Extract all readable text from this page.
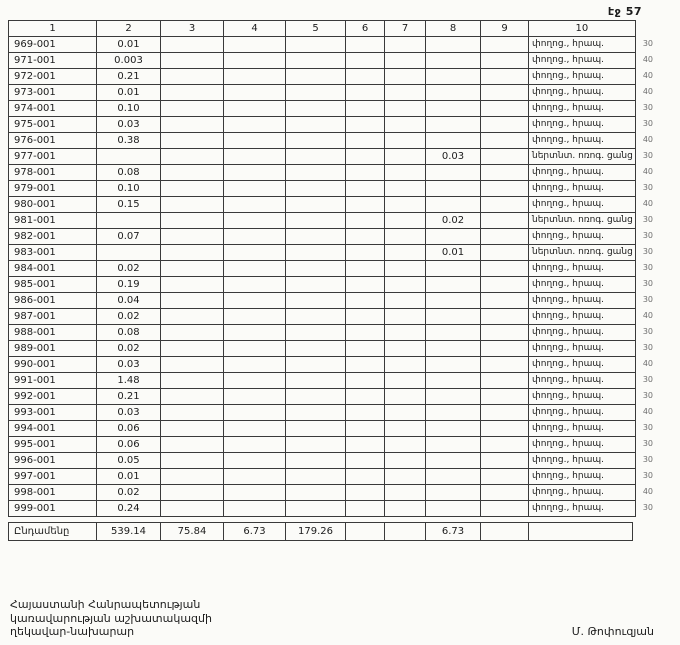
էջ 57
1	2	3	4	5	6	7	8	9	10	
969-001	0.01								փողոց., հրապ.	30
971-001	0.003								փողոց., հրապ.	40
972-001	0.21								փողոց., հրապ.	40
973-001	0.01								փողոց., հրապ.	40
974-001	0.10								փողոց., հրապ.	30
975-001	0.03								փողոց., հրապ.	30
976-001	0.38								փողոց., հրապ.	40
977-001							0.03		ներտնտ. ոռոգ. ցանց	30
978-001	0.08								փողոց., հրապ.	40
979-001	0.10								փողոց., հրապ.	30
980-001	0.15								փողոց., հրապ.	40
981-001							0.02		ներտնտ. ոռոգ. ցանց	30
982-001	0.07								փողոց., հրապ.	30
983-001							0.01		ներտնտ. ոռոգ. ցանց	30
984-001	0.02								փողոց., հրապ.	30
985-001	0.19								փողոց., հրապ.	30
986-001	0.04								փողոց., հրապ.	30
987-001	0.02								փողոց., հրապ.	40
988-001	0.08								փողոց., հրապ.	30
989-001	0.02								փողոց., հրապ.	30
990-001	0.03								փողոց., հրապ.	40
991-001	1.48								փողոց., հրապ.	30
992-001	0.21								փողոց., հրապ.	30
993-001	0.03								փողոց., հրապ.	40
994-001	0.06								փողոց., հրապ.	30
995-001	0.06								փողոց., հրապ.	30
996-001	0.05								փողոց., հրապ.	30
997-001	0.01								փողոց., հրապ.	30
998-001	0.02								փողոց., հրապ.	40
999-001	0.24								փողոց., հրապ.	30
Ընդամենը	539.14	75.84	6.73	179.26			6.73			
Հայաստանի Հանրապետության
կառավարության աշխատակազմի
ղեկավար-նախարար	Մ. Թոփուզյան
